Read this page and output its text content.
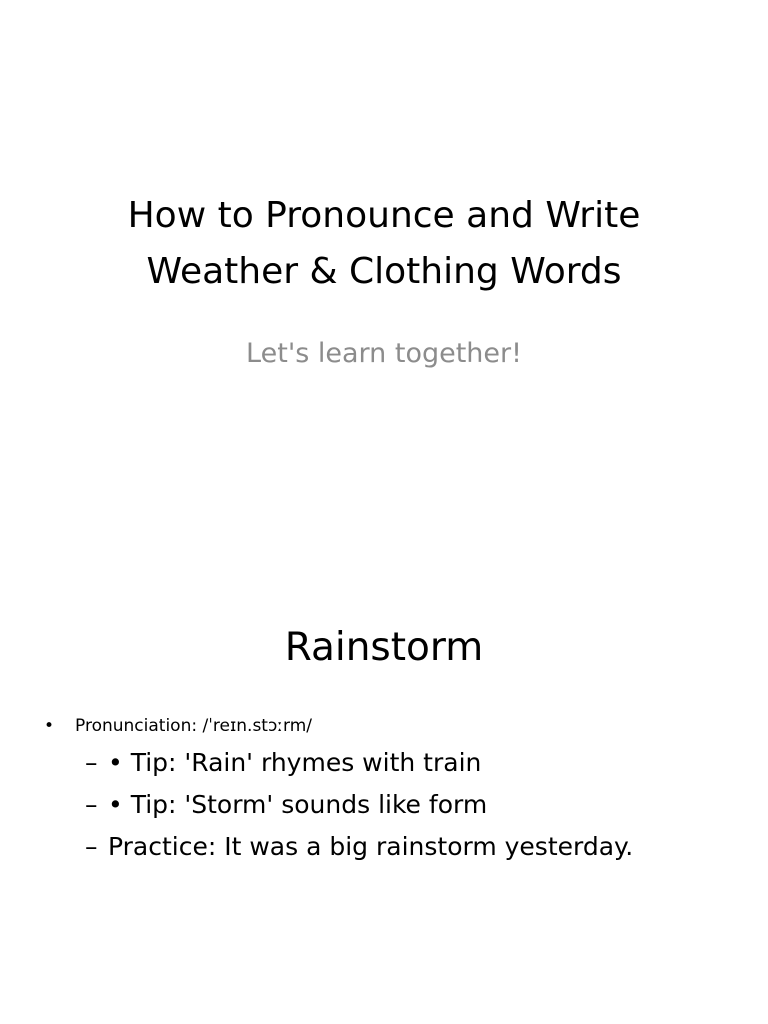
How to Pronounce and Write
Weather & Clothing Words

Let's learn together!

Rainstorm
• Pronunciation: /ˈreɪn.stɔːrm/
– • Tip: 'Rain' rhymes with train
– • Tip: 'Storm' sounds like form
– Practice: It was a big rainstorm yesterday.
